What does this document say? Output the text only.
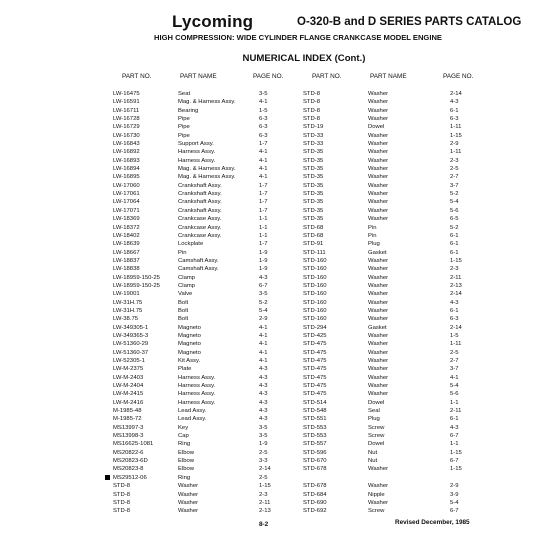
Lycoming	O-320-B and D SERIES PARTS CATALOG
HIGH COMPRESSION: WIDE CYLINDER FLANGE CRANKCASE MODEL ENGINE
NUMERICAL INDEX (Cont.)
PART NO.	PART NAME	PAGE NO.	PART NO.	PART NAME	PAGE NO.
LW-16475	Seat	3-5	STD-8	Washer	2-14
LW-16591	Mag. & Harness Assy.	4-1	STD-8	Washer	4-3
LW-16711	Bearing	1-5	STD-8	Washer	6-1
LW-16728	Pipe	6-3	STD-8	Washer	6-3
LW-16729	Pipe	6-3	STD-19	Dowel	1-11
LW-16730	Pipe	6-3	STD-33	Washer	1-15
LW-16843	Support Assy.	1-7	STD-33	Washer	2-9
LW-16892	Harness Assy.	4-1	STD-35	Washer	1-11
LW-16893	Harness Assy.	4-1	STD-35	Washer	2-3
LW-16894	Mag. & Harness Assy.	4-1	STD-35	Washer	2-5
LW-16895	Mag. & Harness Assy.	4-1	STD-35	Washer	2-7
LW-17060	Crankshaft Assy.	1-7	STD-35	Washer	3-7
LW-17061	Crankshaft Assy.	1-7	STD-35	Washer	5-2
LW-17064	Crankshaft Assy.	1-7	STD-35	Washer	5-4
LW-17071	Crankshaft Assy.	1-7	STD-35	Washer	5-6
LW-18369	Crankcase Assy.	1-1	STD-35	Washer	6-5
LW-18372	Crankcase Assy.	1-1	STD-68	Pin	5-2
LW-18402	Crankcase Assy.	1-1	STD-68	Pin	6-1
LW-18639	Lockplate	1-7	STD-91	Plug	6-1
LW-18667	Pin	1-9	STD-111	Gasket	6-1
LW-18837	Camshaft Assy.	1-9	STD-160	Washer	1-15
LW-18838	Camshaft Assy.	1-9	STD-160	Washer	2-3
LW-18959-150-25	Clamp	4-3	STD-160	Washer	2-11
LW-18959-150-25	Clamp	6-7	STD-160	Washer	2-13
LW-19001	Valve	3-5	STD-160	Washer	2-14
LW-31H.75	Bolt	5-2	STD-160	Washer	4-3
LW-31H.75	Bolt	5-4	STD-160	Washer	6-1
LW-38.75	Bolt	2-9	STD-160	Washer	6-3
LW-349305-1	Magneto	4-1	STD-294	Gasket	2-14
LW-349365-3	Magneto	4-1	STD-425	Washer	1-5
LW-51360-29	Magneto	4-1	STD-475	Washer	1-11
LW-51360-37	Magneto	4-1	STD-475	Washer	2-5
LW-52305-1	Kit Assy.	4-1	STD-475	Washer	2-7
LW-M-2375	Plate	4-3	STD-475	Washer	3-7
LW-M-2403	Harness Assy.	4-3	STD-475	Washer	4-1
LW-M-2404	Harness Assy.	4-3	STD-475	Washer	5-4
LW-M-2415	Harness Assy.	4-3	STD-475	Washer	5-6
LW-M-2416	Harness Assy.	4-3	STD-514	Dowel	1-1
M-1985-48	Lead Assy.	4-3	STD-548	Seal	2-11
M-1985-72	Lead Assy.	4-3	STD-551	Plug	6-1
MS13997-3	Key	3-5	STD-553	Screw	4-3
MS13998-3	Cap	3-5	STD-553	Screw	6-7
MS16625-1081	Ring	1-9	STD-557	Dowel	1-1
MS20822-6	Elbow	2-5	STD-596	Nut	1-15
MS20823-6D	Elbow	3-3	STD-670	Nut	6-7
MS20823-8	Elbow	2-14	STD-678	Washer	1-15
MS29512-06	Ring	2-5
STD-8	Washer	1-15	STD-678	Washer	2-9
STD-8	Washer	2-3	STD-684	Nipple	3-9
STD-8	Washer	2-11	STD-690	Washer	5-4
STD-8	Washer	2-13	STD-692	Screw	6-7
8-2	Revised December, 1985
